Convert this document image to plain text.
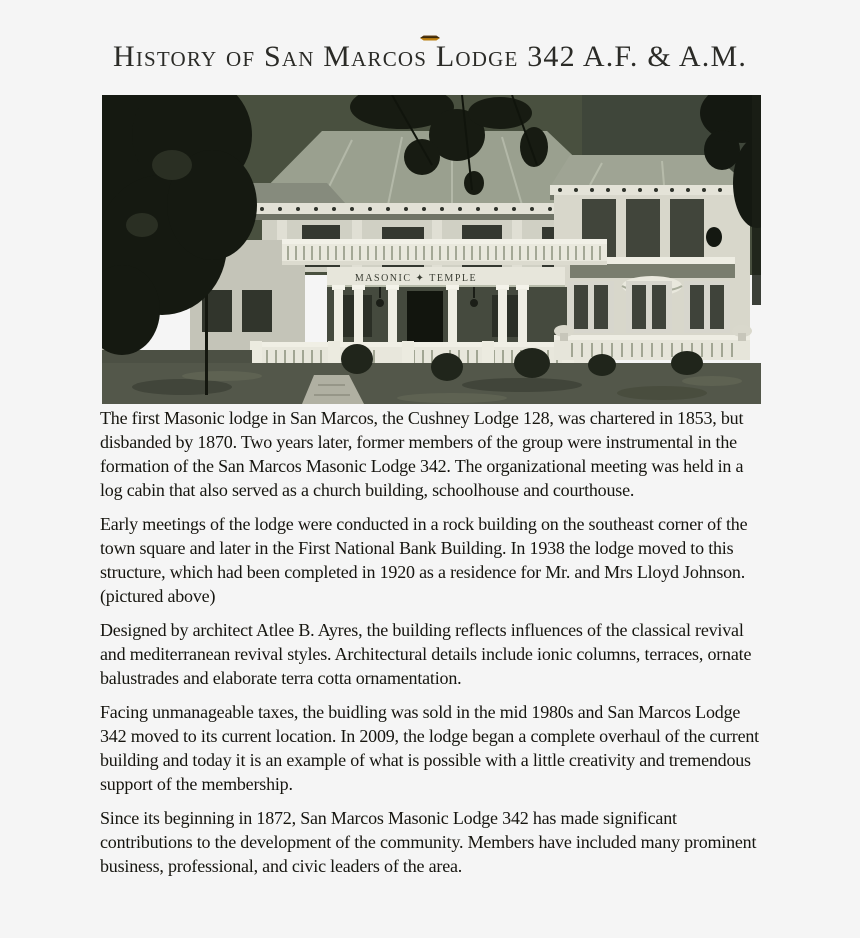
History of San Marcos Lodge 342 A.F. & A.M.
MASONIC ✦ TEMPLE

The first Masonic lodge in San Marcos, the Cushney Lodge 128, was chartered in 1853, but disbanded by 1870. Two years later, former members of the group were instrumental in the formation of the San Marcos Masonic Lodge 342. The organizational meeting was held in a log cabin that also served as a church building, schoolhouse and courthouse.

Early meetings of the lodge were conducted in a rock building on the southeast corner of the town square and later in the First National Bank Building. In 1938 the lodge moved to this structure, which had been completed in 1920 as a residence for Mr. and Mrs Lloyd Johnson. (pictured above)

Designed by architect Atlee B. Ayres, the building reflects influences of the classical revival and mediterranean revival styles. Architectural details include ionic columns, terraces, ornate balustrades and elaborate terra cotta ornamentation.

Facing unmanageable taxes, the buidling was sold in the mid 1980s and San Marcos Lodge 342 moved to its current location. In 2009, the lodge began a complete overhaul of the current building and today it is an example of what is possible with a little creativity and tremendous support of the membership.

Since its beginning in 1872, San Marcos Masonic Lodge 342 has made significant contributions to the development of the community. Members have included many prominent business, professional, and civic leaders of the area.
